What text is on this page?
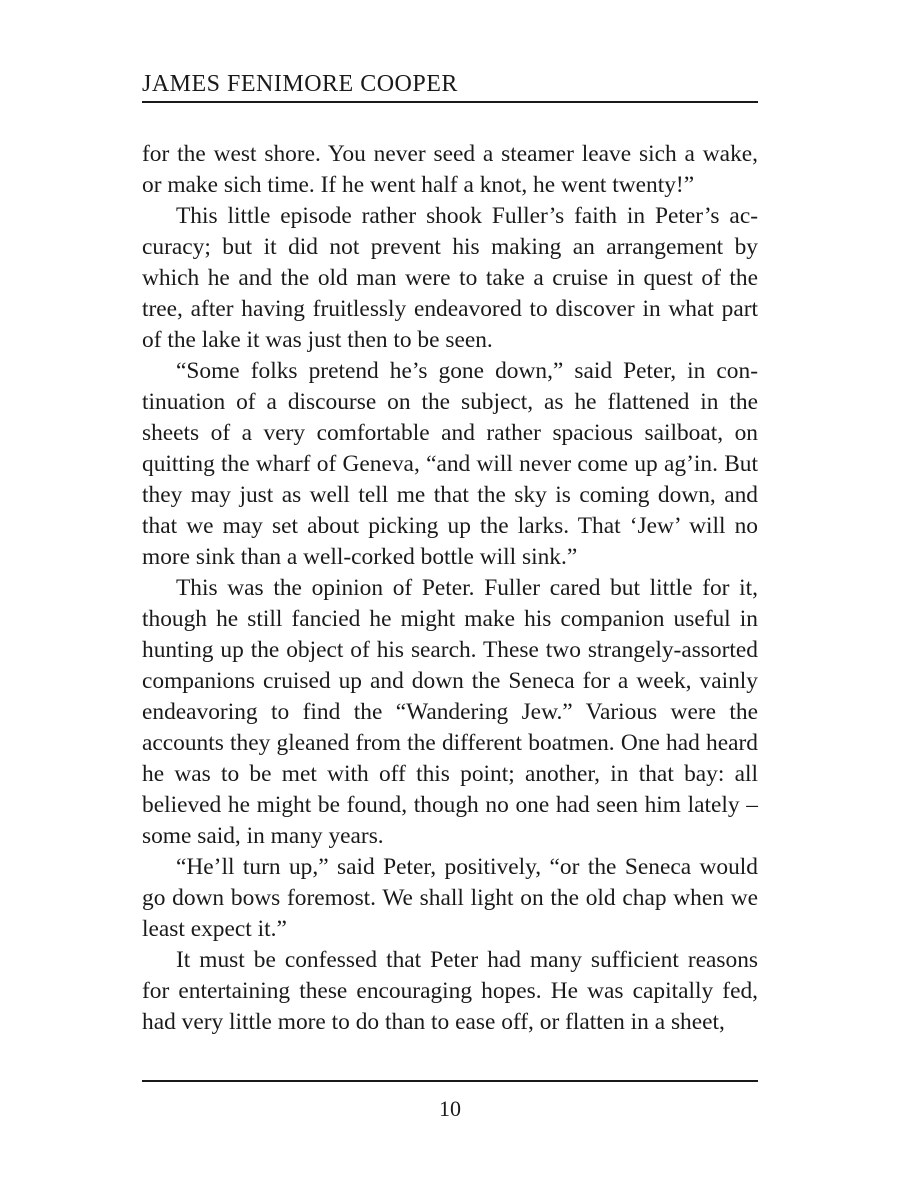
JAMES FENIMORE COOPER

for the west shore. You never seed a steamer leave sich a wake, or make sich time. If he went half a knot, he went twenty!”

This little episode rather shook Fuller’s faith in Peter’s accuracy; but it did not prevent his making an arrangement by which he and the old man were to take a cruise in quest of the tree, after having fruitlessly endeavored to discover in what part of the lake it was just then to be seen.

“Some folks pretend he’s gone down,” said Peter, in continuation of a discourse on the subject, as he flattened in the sheets of a very comfortable and rather spacious sailboat, on quitting the wharf of Geneva, “and will never come up ag’in. But they may just as well tell me that the sky is coming down, and that we may set about picking up the larks. That ‘Jew’ will no more sink than a well-corked bottle will sink.”

This was the opinion of Peter. Fuller cared but little for it, though he still fancied he might make his companion useful in hunting up the object of his search. These two strangely-assorted companions cruised up and down the Seneca for a week, vainly endeavoring to find the “Wandering Jew.” Various were the accounts they gleaned from the different boatmen. One had heard he was to be met with off this point; another, in that bay: all believed he might be found, though no one had seen him lately – some said, in many years.

“He’ll turn up,” said Peter, positively, “or the Seneca would go down bows foremost. We shall light on the old chap when we least expect it.”

It must be confessed that Peter had many sufficient reasons for entertaining these encouraging hopes. He was capitally fed, had very little more to do than to ease off, or flatten in a sheet,

10
